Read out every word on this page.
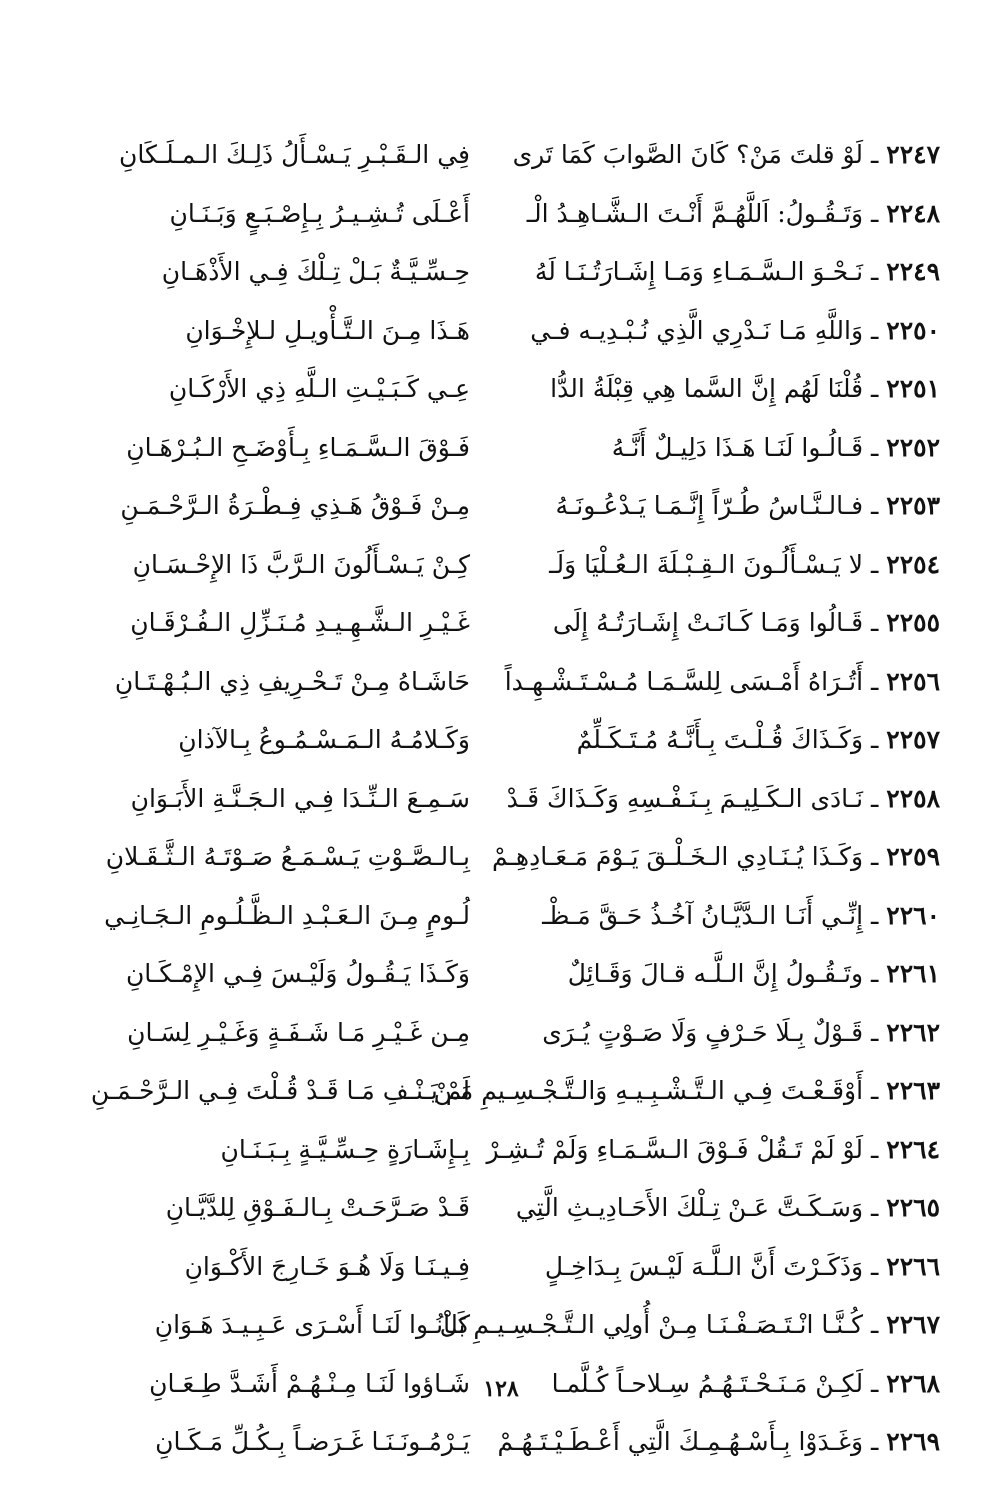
٢٢٤٧ ـ لَوْ قلتَ مَنْ؟ كَانَ الصَّوابَ كَمَا تَرى
فِي الـقَـبْـرِ يَـسْـأَلُ ذَلِـكَ الـمـلَـكَانِ
٢٢٤٨ ـ وَتَـقُـولُ: اَللَّهُـمَّ أَنْـتَ الـشَّـاهِـدُ الْـ
أَعْـلَى تُـشِـيـرُ بِـإِصْـبَـعٍ وَبَـنَـانِ
٢٢٤٩ ـ نَـحْـوَ الـسَّـمَـاءِ وَمَـا إِشَـارَتُـنَـا لَهُ
حِـسِّـيَّـةٌ بَـلْ تِـلْكَ فِـي الأَذْهَـانِ
٢٢٥٠ ـ وَاللَّهِ مَـا نَـدْرِي الَّذِي نُـبْـدِيـه فـي
هَـذَا مِـنَ الـتَّـأْويـلِ لـلإِخْـوَانِ
٢٢٥١ ـ قُلْنَا لَهُم إِنَّ السَّما هِي قِبْلَةُ الدُّا
عِـي كَـبَـيْـتِ الـلَّهِ ذِي الأَرْكَـانِ
٢٢٥٢ ـ قَـالُـوا لَنَـا هَـذَا دَلِيـلٌ أَنَّـهُ
فَـوْقَ الـسَّـمَـاءِ بِـأَوْضَـحِ الـبُـرْهَـانِ
٢٢٥٣ ـ فـالـنَّـاسُ طُـرّاً إِنَّـمَـا يَـدْعُـونَـهُ
مِـنْ فَـوْقُ هَـذِي فِـطْـرَةُ الـرَّحْـمَـنِ
٢٢٥٤ ـ لا يَـسْـأَلُـونَ الـقِـبْـلَةَ الـعُـلْيَا وَلَـ
كِـنْ يَـسْـأَلُونَ الـرَّبَّ ذَا الإِحْـسَـانِ
٢٢٥٥ ـ قَـالُوا وَمَـا كَـانَـتْ إِشَـارَتُـهُ إِلَى
غَـيْـرِ الـشَّـهِـيـدِ مُـنَـزِّلِ الـفُـرْقَـانِ
٢٢٥٦ ـ أَتُـرَاهُ أَمْـسَى لِلسَّـمَـا مُـسْـتَـشْـهِـداً
حَاشَـاهُ مِـنْ تَـحْـرِيفِ ذِي الـبُـهْـتَـانِ
٢٢٥٧ ـ وَكَـذَاكَ قُـلْـتَ بِـأَنَّـهُ مُـتَـكَـلِّمٌ
وَكَـلامُـهُ الـمَـسْـمُـوعُ بِـالآذانِ
٢٢٥٨ ـ نَـادَى الـكَـلِيـمَ بِـنَـفْـسِهِ وَكَـذَاكَ قَـدْ
سَـمِـعَ الـنِّـدَا فِـي الـجَـنَّـةِ الأَبَـوَانِ
٢٢٥٩ ـ وَكَـذَا يُـنَـادِي الـخَـلْـقَ يَـوْمَ مَـعَـادِهِـمْ
بِـالـصَّـوْتِ يَـسْـمَـعُ صَـوْتَـهُ الـثَّـقَـلانِ
٢٢٦٠ ـ إِنِّـي أَنَـا الـدَّيَّـانُ آخُـذُ حَـقَّ مَـظْـ
لُـومٍ مِـنَ الـعَـبْـدِ الـظَّـلُـومِ الـجَـانِـي
٢٢٦١ ـ وتَـقُـولُ إِنَّ الـلَّـه قـالَ وَقَـائِلٌ
وَكَـذَا يَـقُـولُ وَلَيْـسَ فِـي الإِمْـكَـانِ
٢٢٦٢ ـ قَـوْلٌ بِـلَا حَـرْفٍ وَلَا صَـوْتٍ يُـرَى
مِـن غَـيْـرِ مَـا شَـفَـةٍ وَغَـيْـرِ لِسَـانِ
٢٢٦٣ ـ أَوْقَـعْـتَ فِـي الـتَّـشْـبِـيـهِ وَالـتَّـجْـسِـيمِ مَـنْ
لَمْ يَـنْـفِ مَـا قَـدْ قُـلْتَ فِـي الـرَّحْـمَـنِ
٢٢٦٤ ـ لَوْ لَمْ تَـقُلْ فَـوْقَ الـسَّـمَـاءِ وَلَمْ تُـشِـرْ
بِـإِشَـارَةٍ حِـسِّـيَّـةٍ بِـبَـنَـانِ
٢٢٦٥ ـ وَسَـكَـتَّ عَـنْ تِـلْكَ الأَحَـادِيـثِ الَّتِي
قَـدْ صَـرَّحَـتْ بِـالـفَـوْقِ لِلدَّيَّـانِ
٢٢٦٦ ـ وَذَكَـرْتَ أَنَّ الـلَّـهَ لَيْـسَ بِـدَاخِـلٍ
فِـيـنَـا وَلَا هُـوَ خَـارِجَ الأَكْـوَانِ
٢٢٦٧ ـ كُـنَّـا انْـتَـصَـفْـنَـا مِـنْ أُولِي الـتَّـجْـسِـيـمِ بَلْ
كَـانُـوا لَنَـا أَسْـرَى عَـبِـيـدَ هَـوَانِ
٢٢٦٨ ـ لَكِـنْ مَـنَـحْـتَـهُـمُ سِـلاحـاً كُـلَّمـا
شَـاؤوا لَنَـا مِـنْـهُـمْ أَشَـدَّ طِـعَـانِ
٢٢٦٩ ـ وَغَـدَوْا بِـأَسْـهُـمِـكَ الَّتِي أَعْـطَـيْـتَـهُـمْ
يَـرْمُـونَـنَـا غَـرَضـاً بِـكُـلِّ مَـكَـانِ
١٢٨
